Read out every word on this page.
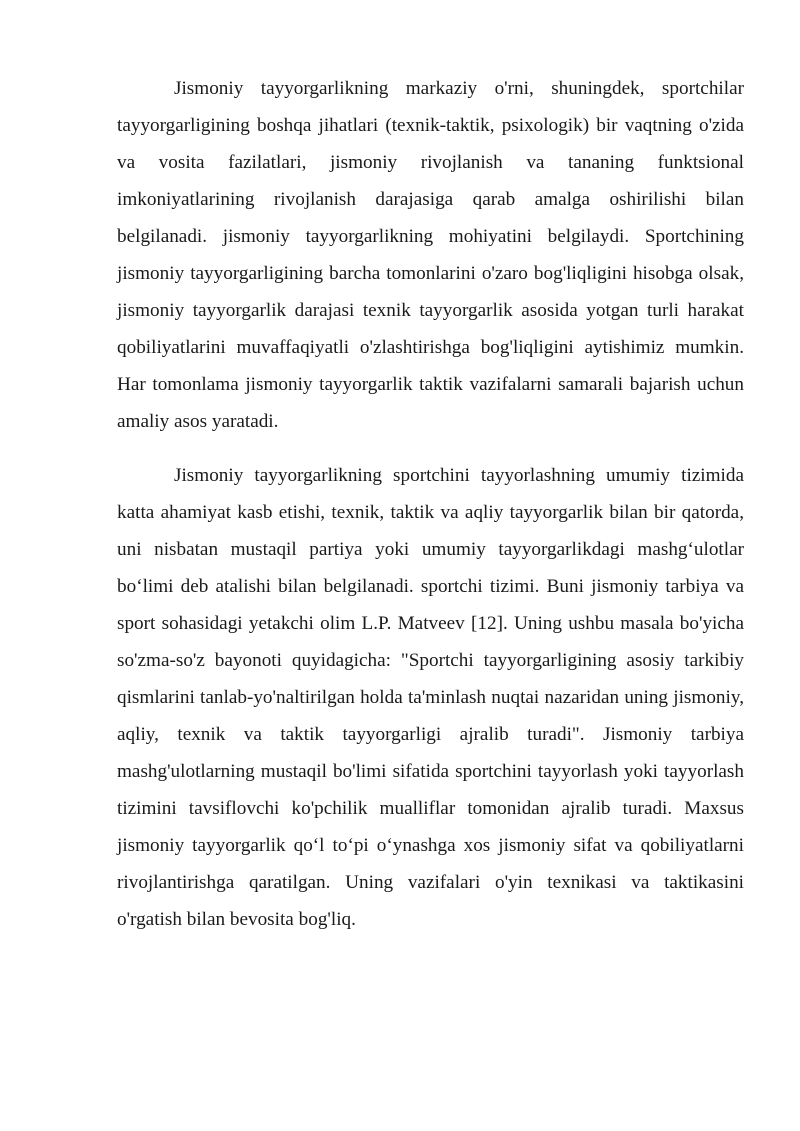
Jismoniy tayyorgarlikning markaziy o'rni, shuningdek, sportchilar tayyorgarligining boshqa jihatlari (texnik-taktik, psixologik) bir vaqtning o'zida va vosita fazilatlari, jismoniy rivojlanish va tananing funktsional imkoniyatlarining rivojlanish darajasiga qarab amalga oshirilishi bilan belgilanadi. jismoniy tayyorgarlikning mohiyatini belgilaydi. Sportchining jismoniy tayyorgarligining barcha tomonlarini o'zaro bog'liqligini hisobga olsak, jismoniy tayyorgarlik darajasi texnik tayyorgarlik asosida yotgan turli harakat qobiliyatlarini muvaffaqiyatli o'zlashtirishga bog'liqligini aytishimiz mumkin. Har tomonlama jismoniy tayyorgarlik taktik vazifalarni samarali bajarish uchun amaliy asos yaratadi.

Jismoniy tayyorgarlikning sportchini tayyorlashning umumiy tizimida katta ahamiyat kasb etishi, texnik, taktik va aqliy tayyorgarlik bilan bir qatorda, uni nisbatan mustaqil partiya yoki umumiy tayyorgarlikdagi mashg‘ulotlar bo‘limi deb atalishi bilan belgilanadi. sportchi tizimi. Buni jismoniy tarbiya va sport sohasidagi yetakchi olim L.P. Matveev [12]. Uning ushbu masala bo'yicha so'zma-so'z bayonoti quyidagicha: "Sportchi tayyorgarligining asosiy tarkibiy qismlarini tanlab-yo'naltirilgan holda ta'minlash nuqtai nazaridan uning jismoniy, aqliy, texnik va taktik tayyorgarligi ajralib turadi". Jismoniy tarbiya mashg'ulotlarning mustaqil bo'limi sifatida sportchini tayyorlash yoki tayyorlash tizimini tavsiflovchi ko'pchilik mualliflar tomonidan ajralib turadi. Maxsus jismoniy tayyorgarlik qo‘l to‘pi o‘ynashga xos jismoniy sifat va qobiliyatlarni rivojlantirishga qaratilgan. Uning vazifalari o'yin texnikasi va taktikasini o'rgatish bilan bevosita bog'liq.
